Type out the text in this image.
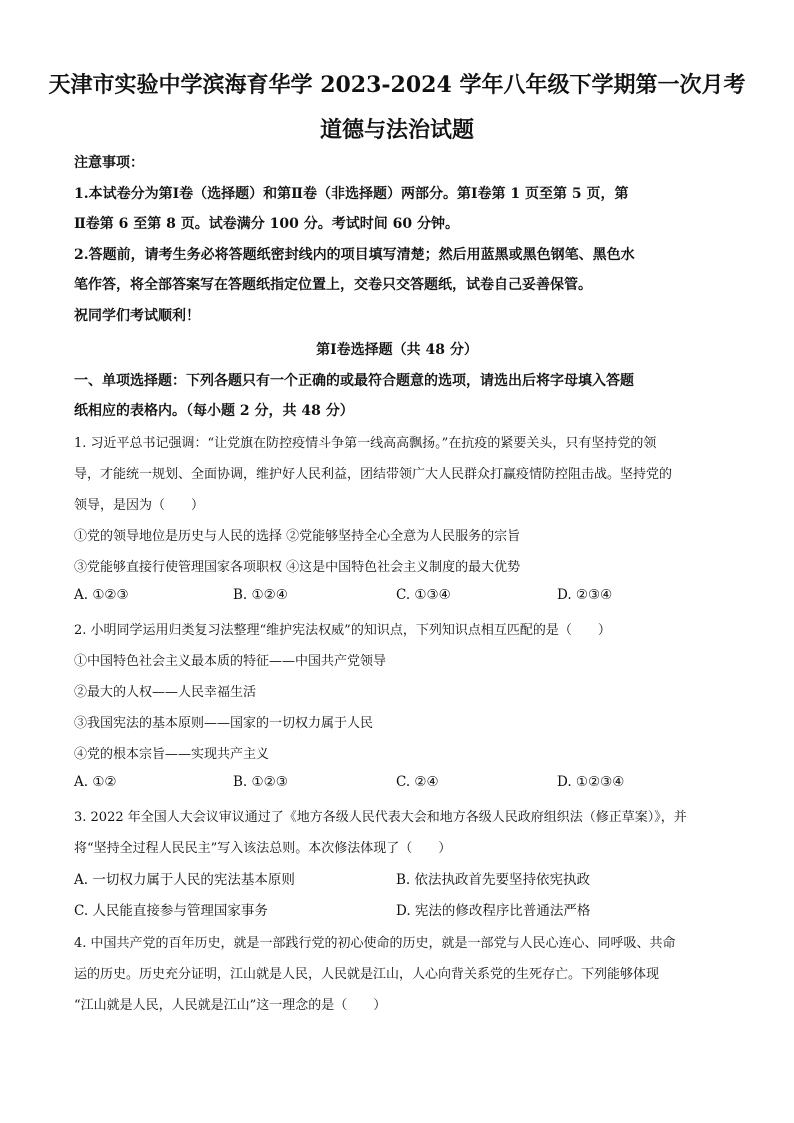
天津市实验中学滨海育华学 2023-2024 学年八年级下学期第一次月考
道德与法治试题
注意事项：
1.本试卷分为第Ⅰ卷（选择题）和第Ⅱ卷（非选择题）两部分。第Ⅰ卷第 1 页至第 5 页，第
Ⅱ卷第 6 至第 8 页。试卷满分 100 分。考试时间 60 分钟。
2.答题前，请考生务必将答题纸密封线内的项目填写清楚；然后用蓝黑或黑色钢笔、黑色水
笔作答，将全部答案写在答题纸指定位置上，交卷只交答题纸，试卷自己妥善保管。
祝同学们考试顺利！
第Ⅰ卷选择题（共 48 分）
一、单项选择题：下列各题只有一个正确的或最符合题意的选项，请选出后将字母填入答题
纸相应的表格内。（每小题 2 分，共 48 分）
1. 习近平总书记强调：“让党旗在防控疫情斗争第一线高高飘扬。”在抗疫的紧要关头，只有坚持党的领
导，才能统一规划、全面协调，维护好人民利益，团结带领广大人民群众打赢疫情防控阻击战。坚持党的
领导，是因为（　　）
①党的领导地位是历史与人民的选择 ②党能够坚持全心全意为人民服务的宗旨
③党能够直接行使管理国家各项职权 ④这是中国特色社会主义制度的最大优势
A. ①②③	B. ①②④	C. ①③④	D. ②③④
2. 小明同学运用归类复习法整理“维护宪法权威”的知识点，下列知识点相互匹配的是（　　）
①中国特色社会主义最本质的特征——中国共产党领导
②最大的人权——人民幸福生活
③我国宪法的基本原则——国家的一切权力属于人民
④党的根本宗旨——实现共产主义
A. ①②	B. ①②③	C. ②④	D. ①②③④
3. 2022 年全国人大会议审议通过了《地方各级人民代表大会和地方各级人民政府组织法（修正草案）》，并
将“坚持全过程人民民主”写入该法总则。本次修法体现了（　　）
A. 一切权力属于人民的宪法基本原则	B. 依法执政首先要坚持依宪执政
C. 人民能直接参与管理国家事务	D. 宪法的修改程序比普通法严格
4. 中国共产党的百年历史，就是一部践行党的初心使命的历史，就是一部党与人民心连心、同呼吸、共命
运的历史。历史充分证明，江山就是人民，人民就是江山，人心向背关系党的生死存亡。下列能够体现
“江山就是人民，人民就是江山”这一理念的是（　　）
